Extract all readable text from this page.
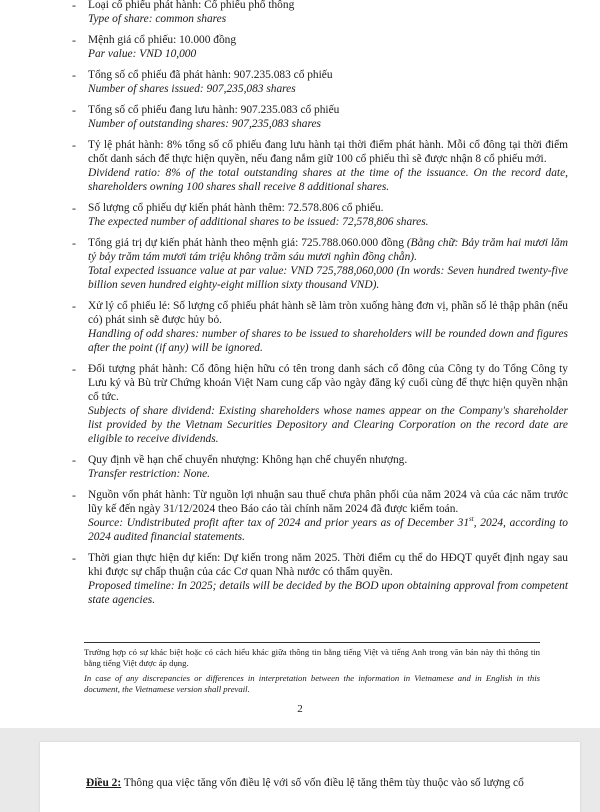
- Loại cổ phiếu phát hành: Cổ phiếu phổ thông
Type of share: common shares
- Mệnh giá cổ phiếu: 10.000 đồng
Par value: VND 10,000
- Tổng số cổ phiếu đã phát hành: 907.235.083 cổ phiếu
Number of shares issued: 907,235,083 shares
- Tổng số cổ phiếu đang lưu hành: 907.235.083 cổ phiếu
Number of outstanding shares: 907,235,083 shares
- Tỷ lệ phát hành: 8% tổng số cổ phiếu đang lưu hành tại thời điểm phát hành. Mỗi cổ đông tại thời điểm chốt danh sách để thực hiện quyền, nếu đang nắm giữ 100 cổ phiếu thì sẽ được nhận 8 cổ phiếu mới.
Dividend ratio: 8% of the total outstanding shares at the time of the issuance. On the record date, shareholders owning 100 shares shall receive 8 additional shares.
- Số lượng cổ phiếu dự kiến phát hành thêm: 72.578.806 cổ phiếu.
The expected number of additional shares to be issued: 72,578,806 shares.
- Tổng giá trị dự kiến phát hành theo mệnh giá: 725.788.060.000 đồng (Bằng chữ: Bảy trăm hai mươi lăm tỷ bảy trăm tám mươi tám triệu không trăm sáu mươi nghìn đồng chẵn).
Total expected issuance value at par value: VND 725,788,060,000 (In words: Seven hundred twenty-five billion seven hundred eighty-eight million sixty thousand VND).
- Xử lý cổ phiếu lẻ: Số lượng cổ phiếu phát hành sẽ làm tròn xuống hàng đơn vị, phần số lẻ thập phân (nếu có) phát sinh sẽ được hủy bỏ.
Handling of odd shares: number of shares to be issued to shareholders will be rounded down and figures after the point (if any) will be ignored.
- Đối tượng phát hành: Cổ đông hiện hữu có tên trong danh sách cổ đông của Công ty do Tổng Công ty Lưu ký và Bù trừ Chứng khoán Việt Nam cung cấp vào ngày đăng ký cuối cùng để thực hiện quyền nhận cổ tức.
Subjects of share dividend: Existing shareholders whose names appear on the Company's shareholder list provided by the Vietnam Securities Depository and Clearing Corporation on the record date are eligible to receive dividends.
- Quy định về hạn chế chuyển nhượng: Không hạn chế chuyển nhượng.
Transfer restriction: None.
- Nguồn vốn phát hành: Từ nguồn lợi nhuận sau thuế chưa phân phối của năm 2024 và của các năm trước lũy kế đến ngày 31/12/2024 theo Báo cáo tài chính năm 2024 đã được kiểm toán.
Source: Undistributed profit after tax of 2024 and prior years as of December 31st, 2024, according to 2024 audited financial statements.
- Thời gian thực hiện dự kiến: Dự kiến trong năm 2025. Thời điểm cụ thể do HĐQT quyết định ngay sau khi được sự chấp thuận của các Cơ quan Nhà nước có thẩm quyền.
Proposed timeline: In 2025; details will be decided by the BOD upon obtaining approval from competent state agencies.
Trường hợp có sự khác biệt hoặc có cách hiểu khác giữa thông tin bằng tiếng Việt và tiếng Anh trong văn bản này thì thông tin bằng tiếng Việt được áp dụng.
In case of any discrepancies or differences in interpretation between the information in Vietnamese and in English in this document, the Vietnamese version shall prevail.
2
Điều 2: Thông qua việc tăng vốn điều lệ với số vốn điều lệ tăng thêm tùy thuộc vào số lượng cổ
